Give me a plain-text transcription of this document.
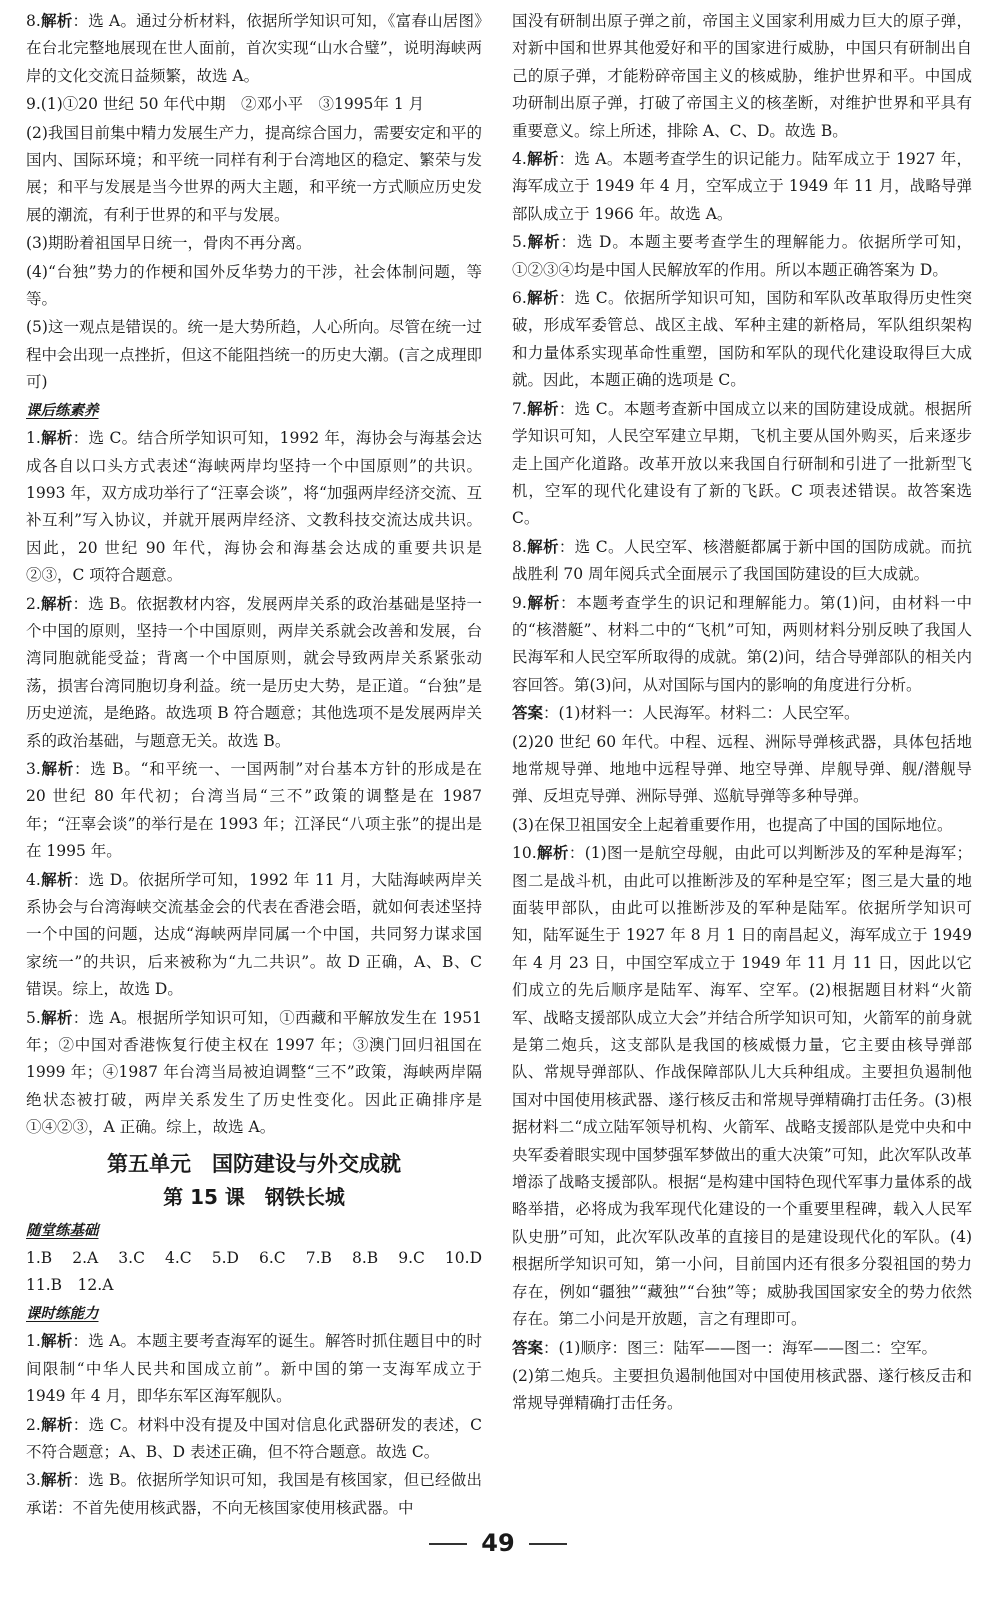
8.解析：选 A。通过分析材料，依据所学知识可知，《富春山居图》在台北完整地展现在世人面前，首次实现“山水合璧”，说明海峡两岸的文化交流日益频繁，故选 A。

9.(1)①20 世纪 50 年代中期　②邓小平　③1995年 1 月

(2)我国目前集中精力发展生产力，提高综合国力，需要安定和平的国内、国际环境；和平统一同样有利于台湾地区的稳定、繁荣与发展；和平与发展是当今世界的两大主题，和平统一方式顺应历史发展的潮流，有利于世界的和平与发展。

(3)期盼着祖国早日统一，骨肉不再分离。

(4)“台独”势力的作梗和国外反华势力的干涉，社会体制问题，等等。

(5)这一观点是错误的。统一是大势所趋，人心所向。尽管在统一过程中会出现一点挫折，但这不能阻挡统一的历史大潮。(言之成理即可)

课后练素养

1.解析：选 C。结合所学知识可知，1992 年，海协会与海基会达成各自以口头方式表述“海峡两岸均坚持一个中国原则”的共识。1993 年，双方成功举行了“汪辜会谈”，将“加强两岸经济交流、互补互利”写入协议，并就开展两岸经济、文教科技交流达成共识。因此，20 世纪 90 年代，海协会和海基会达成的重要共识是②③，C 项符合题意。

2.解析：选 B。依据教材内容，发展两岸关系的政治基础是坚持一个中国的原则，坚持一个中国原则，两岸关系就会改善和发展，台湾同胞就能受益；背离一个中国原则，就会导致两岸关系紧张动荡，损害台湾同胞切身利益。统一是历史大势，是正道。“台独”是历史逆流，是绝路。故选项 B 符合题意；其他选项不是发展两岸关系的政治基础，与题意无关。故选 B。

3.解析：选 B。“和平统一、一国两制”对台基本方针的形成是在 20 世纪 80 年代初；台湾当局“三不”政策的调整是在 1987 年；“汪辜会谈”的举行是在 1993 年；江泽民“八项主张”的提出是在 1995 年。

4.解析：选 D。依据所学可知，1992 年 11 月，大陆海峡两岸关系协会与台湾海峡交流基金会的代表在香港会晤，就如何表述坚持一个中国的问题，达成“海峡两岸同属一个中国，共同努力谋求国家统一”的共识，后来被称为“九二共识”。故 D 正确，A、B、C 错误。综上，故选 D。

5.解析：选 A。根据所学知识可知，①西藏和平解放发生在 1951 年；②中国对香港恢复行使主权在 1997 年；③澳门回归祖国在 1999 年；④1987 年台湾当局被迫调整“三不”政策，海峡两岸隔绝状态被打破，两岸关系发生了历史性变化。因此正确排序是①④②③，A 正确。综上，故选 A。

第五单元　国防建设与外交成就
第 15 课　钢铁长城
随堂练基础

1.B　2.A　3.C　4.C　5.D　6.C　7.B　8.B　9.C　10.D　11.B　12.A

课时练能力

1.解析：选 A。本题主要考查海军的诞生。解答时抓住题目中的时间限制“中华人民共和国成立前”。新中国的第一支海军成立于 1949 年 4 月，即华东军区海军舰队。

2.解析：选 C。材料中没有提及中国对信息化武器研发的表述，C 不符合题意；A、B、D 表述正确，但不符合题意。故选 C。

3.解析：选 B。依据所学知识可知，我国是有核国家，但已经做出承诺：不首先使用核武器，不向无核国家使用核武器。中

国没有研制出原子弹之前，帝国主义国家利用威力巨大的原子弹，对新中国和世界其他爱好和平的国家进行威胁，中国只有研制出自己的原子弹，才能粉碎帝国主义的核威胁，维护世界和平。中国成功研制出原子弹，打破了帝国主义的核垄断，对维护世界和平具有重要意义。综上所述，排除 A、C、D。故选 B。

4.解析：选 A。本题考查学生的识记能力。陆军成立于 1927 年，海军成立于 1949 年 4 月，空军成立于 1949 年 11 月，战略导弹部队成立于 1966 年。故选 A。

5.解析：选 D。本题主要考查学生的理解能力。依据所学可知，①②③④均是中国人民解放军的作用。所以本题正确答案为 D。

6.解析：选 C。依据所学知识可知，国防和军队改革取得历史性突破，形成军委管总、战区主战、军种主建的新格局，军队组织架构和力量体系实现革命性重塑，国防和军队的现代化建设取得巨大成就。因此，本题正确的选项是 C。

7.解析：选 C。本题考查新中国成立以来的国防建设成就。根据所学知识可知，人民空军建立早期，飞机主要从国外购买，后来逐步走上国产化道路。改革开放以来我国自行研制和引进了一批新型飞机，空军的现代化建设有了新的飞跃。C 项表述错误。故答案选 C。

8.解析：选 C。人民空军、核潜艇都属于新中国的国防成就。而抗战胜利 70 周年阅兵式全面展示了我国国防建设的巨大成就。

9.解析：本题考查学生的识记和理解能力。第(1)问，由材料一中的“核潜艇”、材料二中的“飞机”可知，两则材料分别反映了我国人民海军和人民空军所取得的成就。第(2)问，结合导弹部队的相关内容回答。第(3)问，从对国际与国内的影响的角度进行分析。

答案：(1)材料一：人民海军。材料二：人民空军。

(2)20 世纪 60 年代。中程、远程、洲际导弹核武器，具体包括地地常规导弹、地地中远程导弹、地空导弹、岸舰导弹、舰/潜舰导弹、反坦克导弹、洲际导弹、巡航导弹等多种导弹。

(3)在保卫祖国安全上起着重要作用，也提高了中国的国际地位。

10.解析：(1)图一是航空母舰，由此可以判断涉及的军种是海军；图二是战斗机，由此可以推断涉及的军种是空军；图三是大量的地面装甲部队，由此可以推断涉及的军种是陆军。依据所学知识可知，陆军诞生于 1927 年 8 月 1 日的南昌起义，海军成立于 1949 年 4 月 23 日，中国空军成立于 1949 年 11 月 11 日，因此以它们成立的先后顺序是陆军、海军、空军。(2)根据题目材料“火箭军、战略支援部队成立大会”并结合所学知识可知，火箭军的前身就是第二炮兵，这支部队是我国的核威慑力量，它主要由核导弹部队、常规导弹部队、作战保障部队儿大兵种组成。主要担负遏制他国对中国使用核武器、遂行核反击和常规导弹精确打击任务。(3)根据材料二“成立陆军领导机构、火箭军、战略支援部队是党中央和中央军委着眼实现中国梦强军梦做出的重大决策”可知，此次军队改革增添了战略支援部队。根据“是构建中国特色现代军事力量体系的战略举措，必将成为我军现代化建设的一个重要里程碑，载入人民军队史册”可知，此次军队改革的直接目的是建设现代化的军队。(4)根据所学知识可知，第一小问，目前国内还有很多分裂祖国的势力存在，例如“疆独”“藏独”“台独”等；威胁我国国家安全的势力依然存在。第二小问是开放题，言之有理即可。

答案：(1)顺序：图三：陆军——图一：海军——图二：空军。

(2)第二炮兵。主要担负遏制他国对中国使用核武器、遂行核反击和常规导弹精确打击任务。

49
